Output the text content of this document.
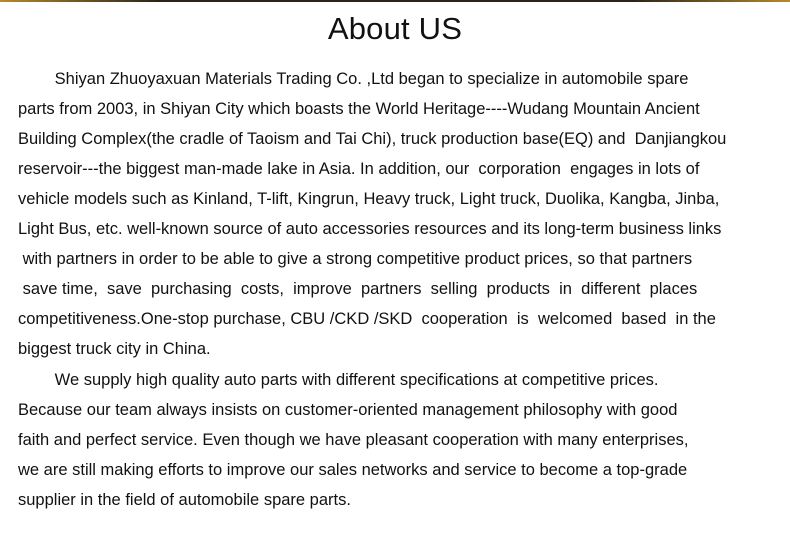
About US
Shiyan Zhuoyaxuan Materials Trading Co. ,Ltd began to specialize in automobile spare
parts from 2003, in Shiyan City which boasts the World Heritage----Wudang Mountain Ancient
Building Complex(the cradle of Taoism and Tai Chi), truck production base(EQ) and  Danjiangkou
reservoir---the biggest man-made lake in Asia. In addition, our  corporation  engages in lots of
vehicle models such as Kinland, T-lift, Kingrun, Heavy truck, Light truck, Duolika, Kangba, Jinba,
Light Bus, etc. well-known source of auto accessories resources and its long-term business links
with partners in order to be able to give a strong competitive product prices, so that partners
save time,  save  purchasing  costs,  improve  partners  selling  products  in  different  places
competitiveness.One-stop purchase, CBU /CKD /SKD  cooperation  is  welcomed  based  in the
biggest truck city in China.
We supply high quality auto parts with different specifications at competitive prices.
Because our team always insists on customer-oriented management philosophy with good
faith and perfect service. Even though we have pleasant cooperation with many enterprises,
we are still making efforts to improve our sales networks and service to become a top-grade
supplier in the field of automobile spare parts.
